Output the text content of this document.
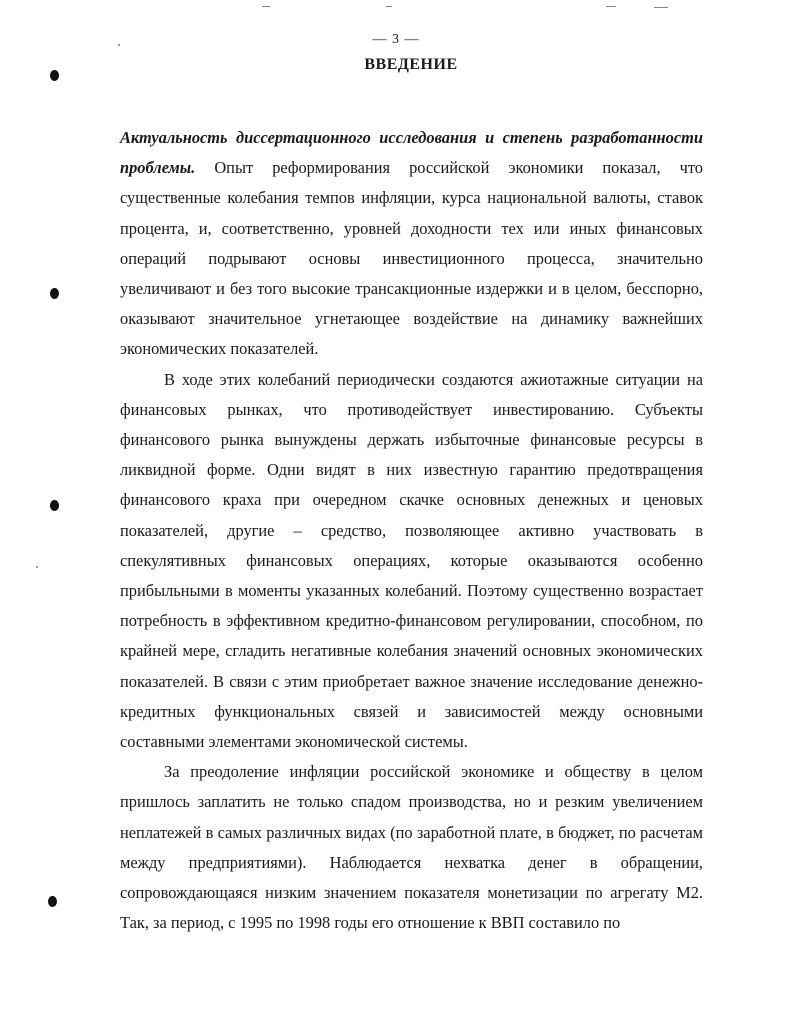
— 3 —
ВВЕДЕНИЕ

Актуальность диссертационного исследования и степень разработанности проблемы. Опыт реформирования российской экономики показал, что существенные колебания темпов инфляции, курса национальной валюты, ставок процента, и, соответственно, уровней доходности тех или иных финансовых операций подрывают основы инвестиционного процесса, значительно увеличивают и без того высокие трансакционные издержки и в целом, бесспорно, оказывают значительное угнетающее воздействие на динамику важнейших экономических показателей.

В ходе этих колебаний периодически создаются ажиотажные ситуации на финансовых рынках, что противодействует инвестированию. Субъекты финансового рынка вынуждены держать избыточные финансовые ресурсы в ликвидной форме. Одни видят в них известную гарантию предотвращения финансового краха при очередном скачке основных денежных и ценовых показателей, другие – средство, позволяющее активно участвовать в спекулятивных финансовых операциях, которые оказываются особенно прибыльными в моменты указанных колебаний. Поэтому существенно возрастает потребность в эффективном кредитно-финансовом регулировании, способном, по крайней мере, сгладить негативные колебания значений основных экономических показателей. В связи с этим приобретает важное значение исследование денежно-кредитных функциональных связей и зависимостей между основными составными элементами экономической системы.

За преодоление инфляции российской экономике и обществу в целом пришлось заплатить не только спадом производства, но и резким увеличением неплатежей в самых различных видах (по заработной плате, в бюджет, по расчетам между предприятиями). Наблюдается нехватка денег в обращении, сопровождающаяся низким значением показателя монетизации по агрегату М2. Так, за период, с 1995 по 1998 годы его отношение к ВВП составило по
